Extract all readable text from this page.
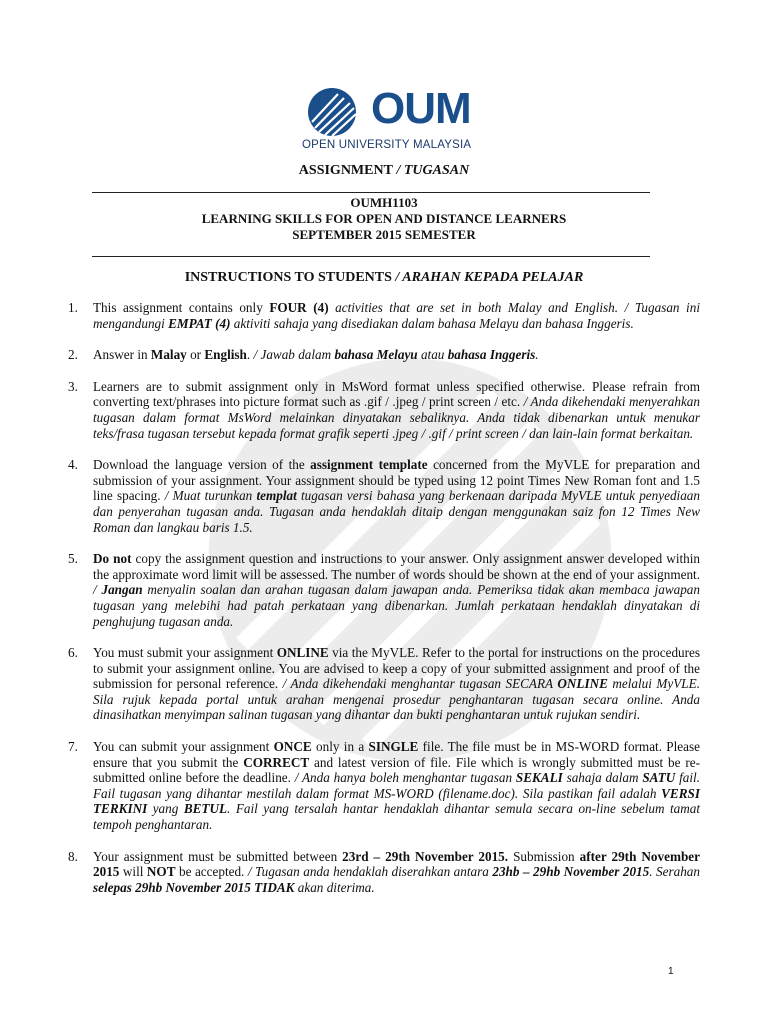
OUM
OPEN UNIVERSITY MALAYSIA
ASSIGNMENT / TUGASAN
OUMH1103
LEARNING SKILLS FOR OPEN AND DISTANCE LEARNERS
SEPTEMBER 2015 SEMESTER
INSTRUCTIONS TO STUDENTS / ARAHAN KEPADA PELAJAR
1. This assignment contains only FOUR (4) activities that are set in both Malay and English. / Tugasan ini mengandungi EMPAT (4) aktiviti sahaja yang disediakan dalam bahasa Melayu dan bahasa Inggeris.
2. Answer in Malay or English. / Jawab dalam bahasa Melayu atau bahasa Inggeris.
3. Learners are to submit assignment only in MsWord format unless specified otherwise. Please refrain from converting text/phrases into picture format such as .gif / .jpeg / print screen / etc. / Anda dikehendaki menyerahkan tugasan dalam format MsWord melainkan dinyatakan sebaliknya. Anda tidak dibenarkan untuk menukar teks/frasa tugasan tersebut kepada format grafik seperti .jpeg / .gif / print screen / dan lain-lain format berkaitan.
4. Download the language version of the assignment template concerned from the MyVLE for preparation and submission of your assignment. Your assignment should be typed using 12 point Times New Roman font and 1.5 line spacing. / Muat turunkan templat tugasan versi bahasa yang berkenaan daripada MyVLE untuk penyediaan dan penyerahan tugasan anda. Tugasan anda hendaklah ditaip dengan menggunakan saiz fon 12 Times New Roman dan langkau baris 1.5.
5. Do not copy the assignment question and instructions to your answer. Only assignment answer developed within the approximate word limit will be assessed. The number of words should be shown at the end of your assignment. / Jangan menyalin soalan dan arahan tugasan dalam jawapan anda. Pemeriksa tidak akan membaca jawapan tugasan yang melebihi had patah perkataan yang dibenarkan. Jumlah perkataan hendaklah dinyatakan di penghujung tugasan anda.
6. You must submit your assignment ONLINE via the MyVLE. Refer to the portal for instructions on the procedures to submit your assignment online. You are advised to keep a copy of your submitted assignment and proof of the submission for personal reference. / Anda dikehendaki menghantar tugasan SECARA ONLINE melalui MyVLE. Sila rujuk kepada portal untuk arahan mengenai prosedur penghantaran tugasan secara online. Anda dinasihatkan menyimpan salinan tugasan yang dihantar dan bukti penghantaran untuk rujukan sendiri.
7. You can submit your assignment ONCE only in a SINGLE file. The file must be in MS-WORD format. Please ensure that you submit the CORRECT and latest version of file. File which is wrongly submitted must be re-submitted online before the deadline. / Anda hanya boleh menghantar tugasan SEKALI sahaja dalam SATU fail. Fail tugasan yang dihantar mestilah dalam format MS-WORD (filename.doc). Sila pastikan fail adalah VERSI TERKINI yang BETUL. Fail yang tersalah hantar hendaklah dihantar semula secara on-line sebelum tamat tempoh penghantaran.
8. Your assignment must be submitted between 23rd – 29th November 2015. Submission after 29th November 2015 will NOT be accepted. / Tugasan anda hendaklah diserahkan antara 23hb – 29hb November 2015. Serahan selepas 29hb November 2015 TIDAK akan diterima.
1
